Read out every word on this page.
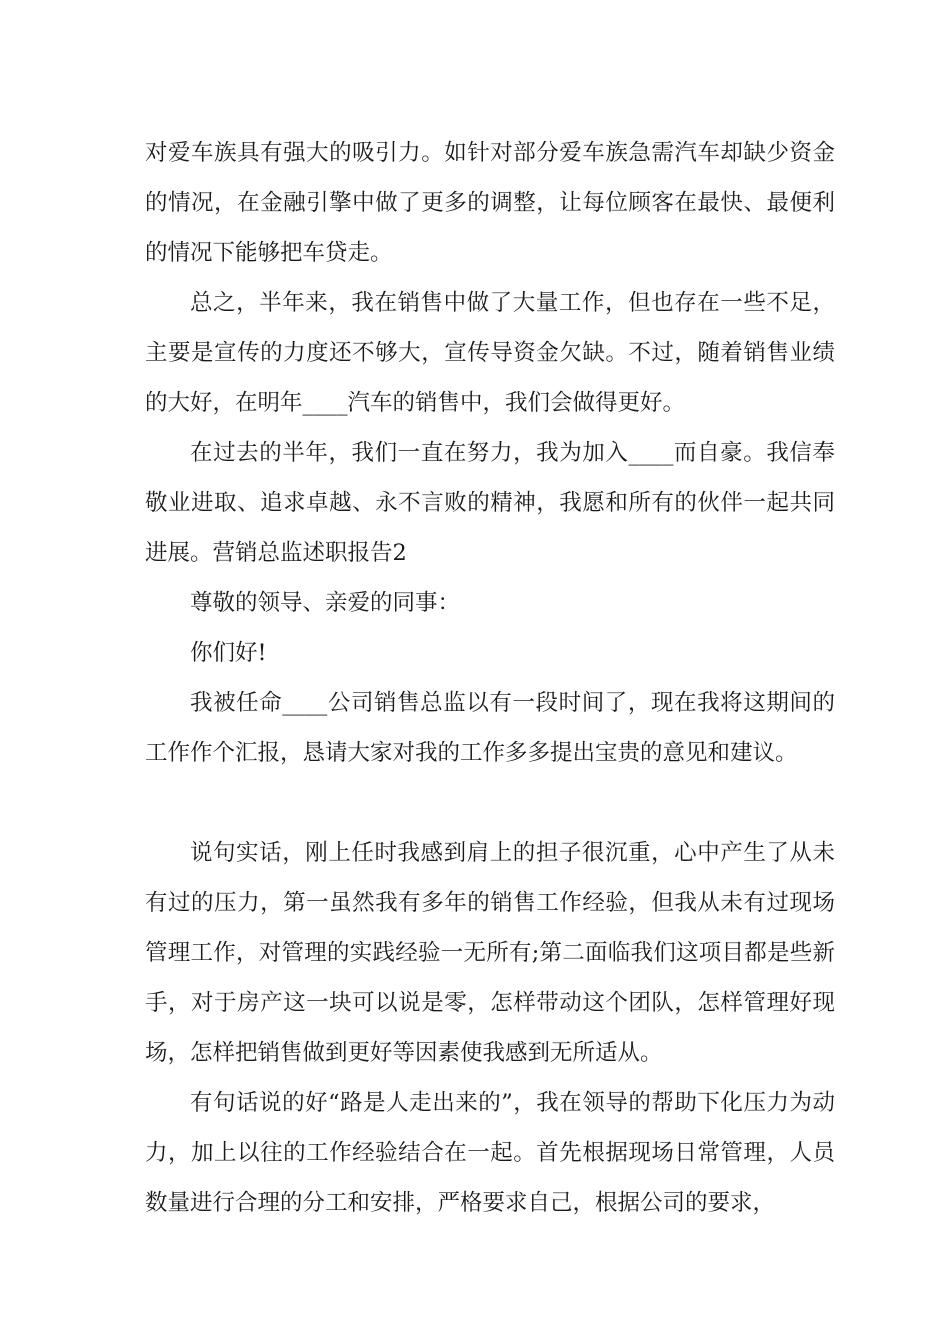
对爱车族具有强大的吸引力。如针对部分爱车族急需汽车却缺少资金的情况，在金融引擎中做了更多的调整，让每位顾客在最快、最便利的情况下能够把车贷走。

总之，半年来，我在销售中做了大量工作，但也存在一些不足，主要是宣传的力度还不够大，宣传导资金欠缺。不过，随着销售业绩的大好，在明年____汽车的销售中，我们会做得更好。

在过去的半年，我们一直在努力，我为加入____而自豪。我信奉敬业进取、追求卓越、永不言败的精神，我愿和所有的伙伴一起共同进展。营销总监述职报告2

尊敬的领导、亲爱的同事：

你们好!

我被任命____公司销售总监以有一段时间了，现在我将这期间的工作作个汇报，恳请大家对我的工作多多提出宝贵的意见和建议。

说句实话，刚上任时我感到肩上的担子很沉重，心中产生了从未有过的压力，第一虽然我有多年的销售工作经验，但我从未有过现场管理工作，对管理的实践经验一无所有;第二面临我们这项目都是些新手，对于房产这一块可以说是零，怎样带动这个团队，怎样管理好现场，怎样把销售做到更好等因素使我感到无所适从。

有句话说的好“路是人走出来的”，我在领导的帮助下化压力为动力，加上以往的工作经验结合在一起。首先根据现场日常管理，人员数量进行合理的分工和安排，严格要求自己，根据公司的要求，
